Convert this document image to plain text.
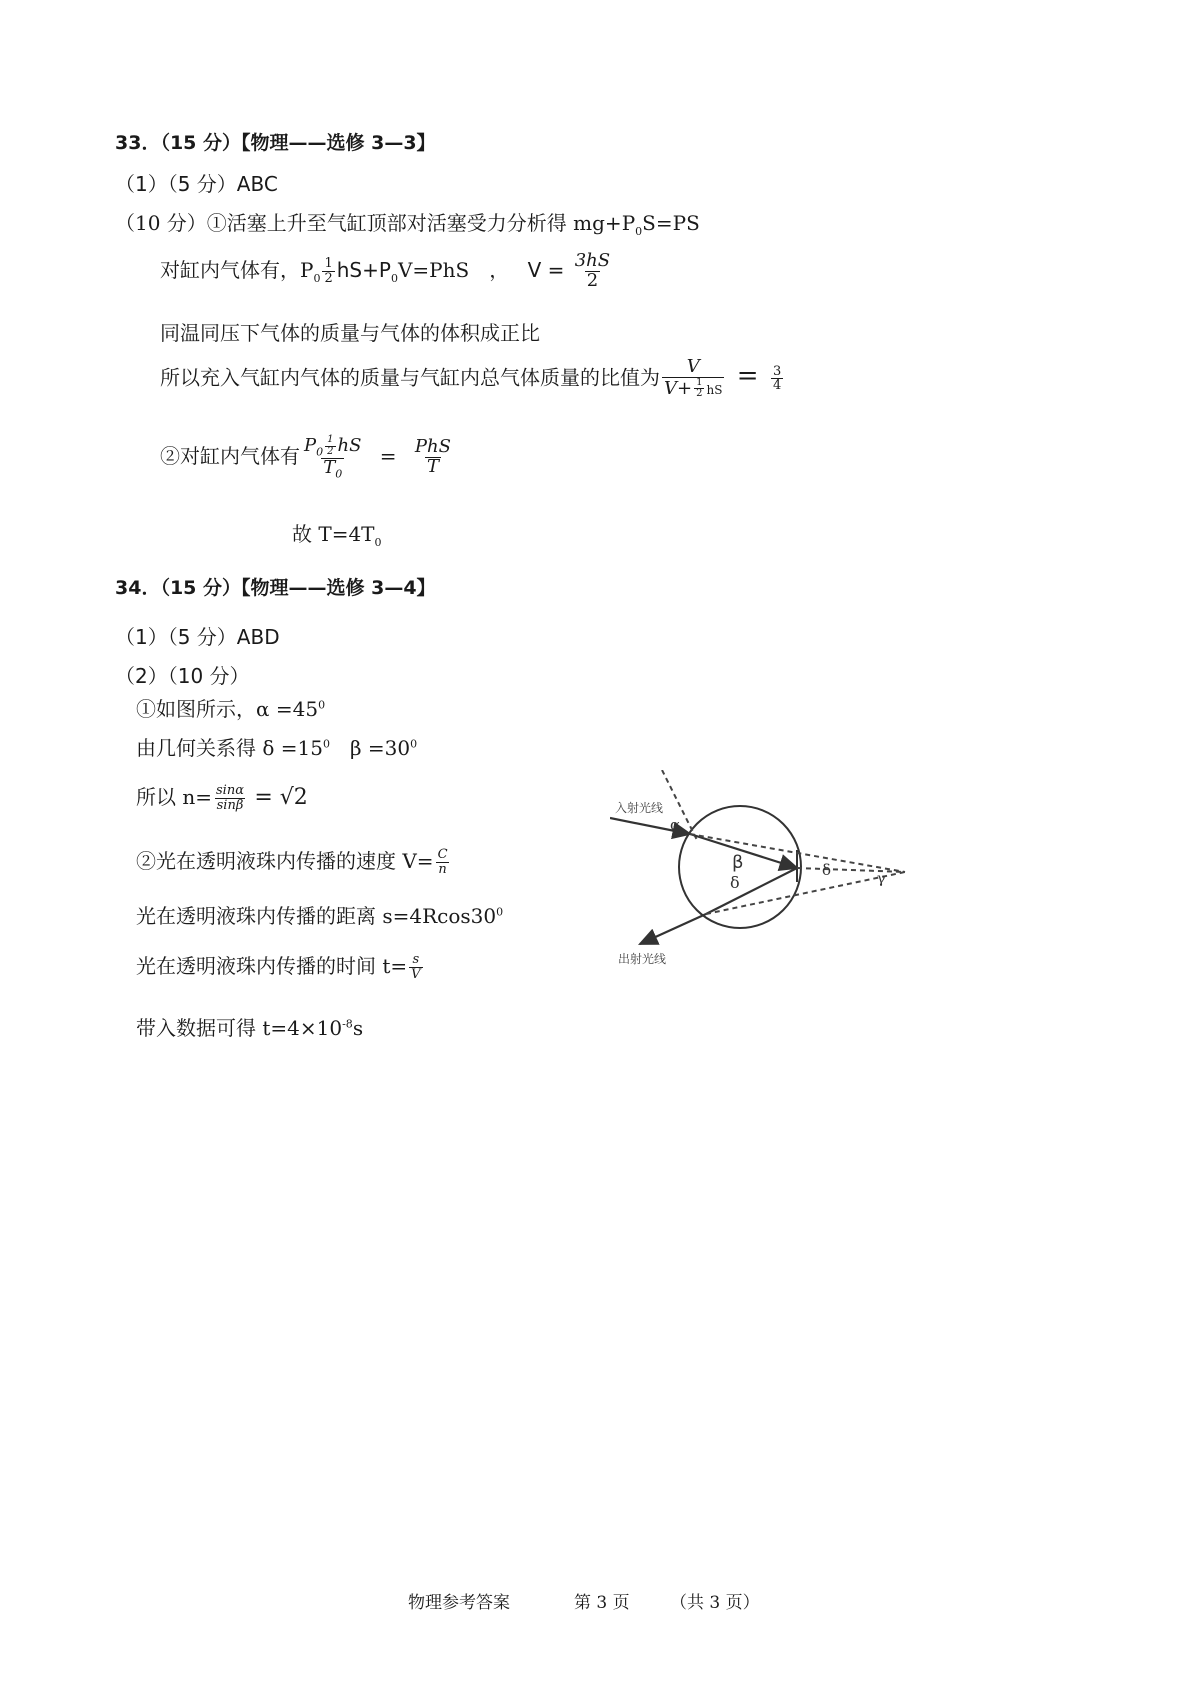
33．（15 分）【物理——选修 3—3】
（1）（5 分）ABC
（10 分）①活塞上升至气缸顶部对活塞受力分析得 $mg+P_0S=PS$
对缸内气体有，$P_0 \frac{1}{2} hS+P_0V=PhS$　， $V = \frac{3hS}{2}$
同温同压下气体的质量与气体的体积成正比
所以充入气缸内气体的质量与气缸内总气体质量的比值为 $\frac{V}{V+ \frac{1}{2} hS} = \frac{3}{4}$
②对缸内气体有 $\frac{P_0 \frac{1}{2} hS}{T_0} = \frac{\text{PhS}}{T}$
故 $T=4T_0$
34．（15 分）【物理——选修 3—4】
（1）（5 分）ABD
（2）（10 分）
①如图所示，$\alpha =45^0$
由几何关系得 $\delta =15^0$　$\beta =30^0$
所以 $n= \frac{\sin\alpha}{\sin\beta} = √2$
②光在透明液珠内传播的速度 $V= \frac{C}{n}$
光在透明液珠内传播的距离 $s=4Rcos30^0$
光在透明液珠内传播的时间 $t= \frac{s}{V}$
带入数据可得 $t=4\times 10^{-8}s$
入射光线
α
β
δ
δ	γ
出射光线
物理参考答案	第 3 页 （共 3 页）
